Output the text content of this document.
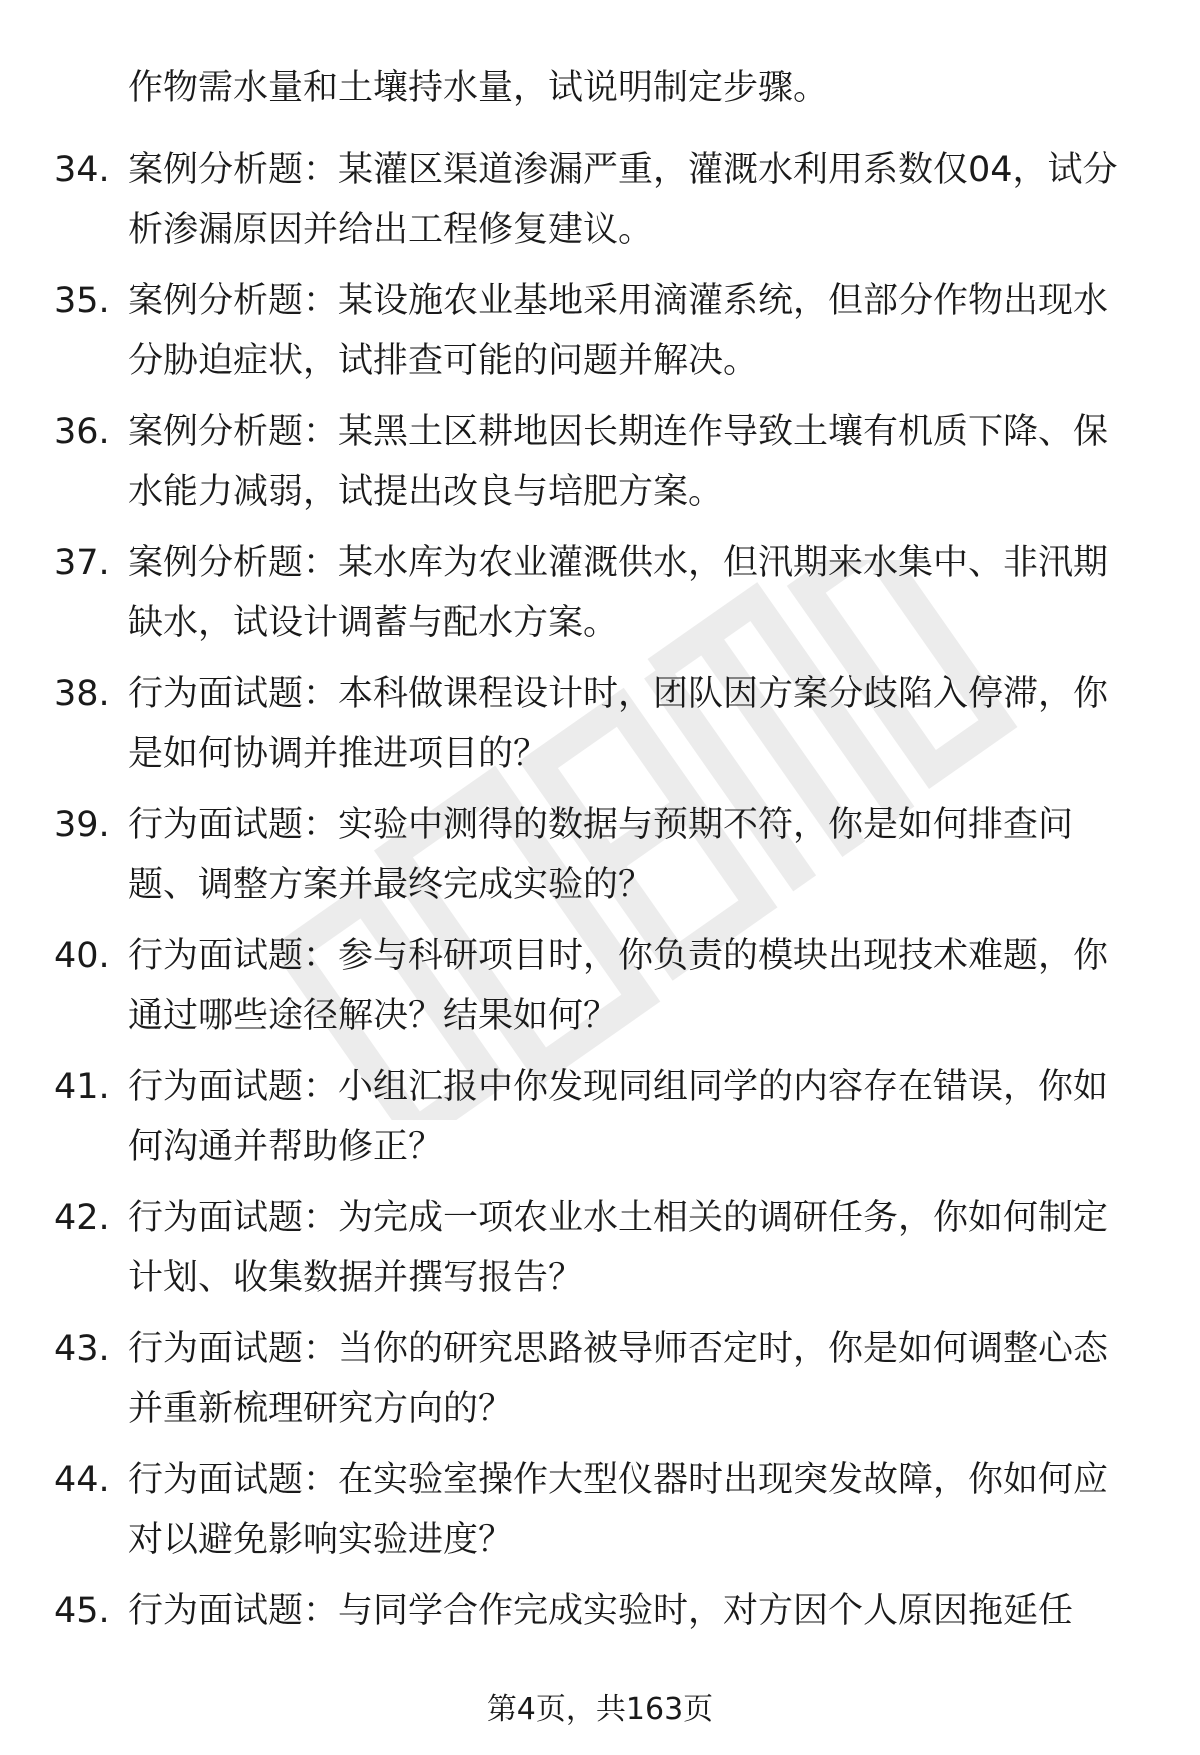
作物需水量和土壤持水量，试说明制定步骤。
34. 案例分析题：某灌区渠道渗漏严重，灌溉水利用系数仅04，试分
析渗漏原因并给出工程修复建议。
35. 案例分析题：某设施农业基地采用滴灌系统，但部分作物出现水
分胁迫症状，试排查可能的问题并解决。
36. 案例分析题：某黑土区耕地因长期连作导致土壤有机质下降、保
水能力减弱，试提出改良与培肥方案。
37. 案例分析题：某水库为农业灌溉供水，但汛期来水集中、非汛期
缺水，试设计调蓄与配水方案。
38. 行为面试题：本科做课程设计时，团队因方案分歧陷入停滞，你
是如何协调并推进项目的？
39. 行为面试题：实验中测得的数据与预期不符，你是如何排查问
题、调整方案并最终完成实验的？
40. 行为面试题：参与科研项目时，你负责的模块出现技术难题，你
通过哪些途径解决？结果如何？
41. 行为面试题：小组汇报中你发现同组同学的内容存在错误，你如
何沟通并帮助修正？
42. 行为面试题：为完成一项农业水土相关的调研任务，你如何制定
计划、收集数据并撰写报告？
43. 行为面试题：当你的研究思路被导师否定时，你是如何调整心态
并重新梳理研究方向的？
44. 行为面试题：在实验室操作大型仪器时出现突发故障，你如何应
对以避免影响实验进度？
45. 行为面试题：与同学合作完成实验时，对方因个人原因拖延任
第4页，共163页
